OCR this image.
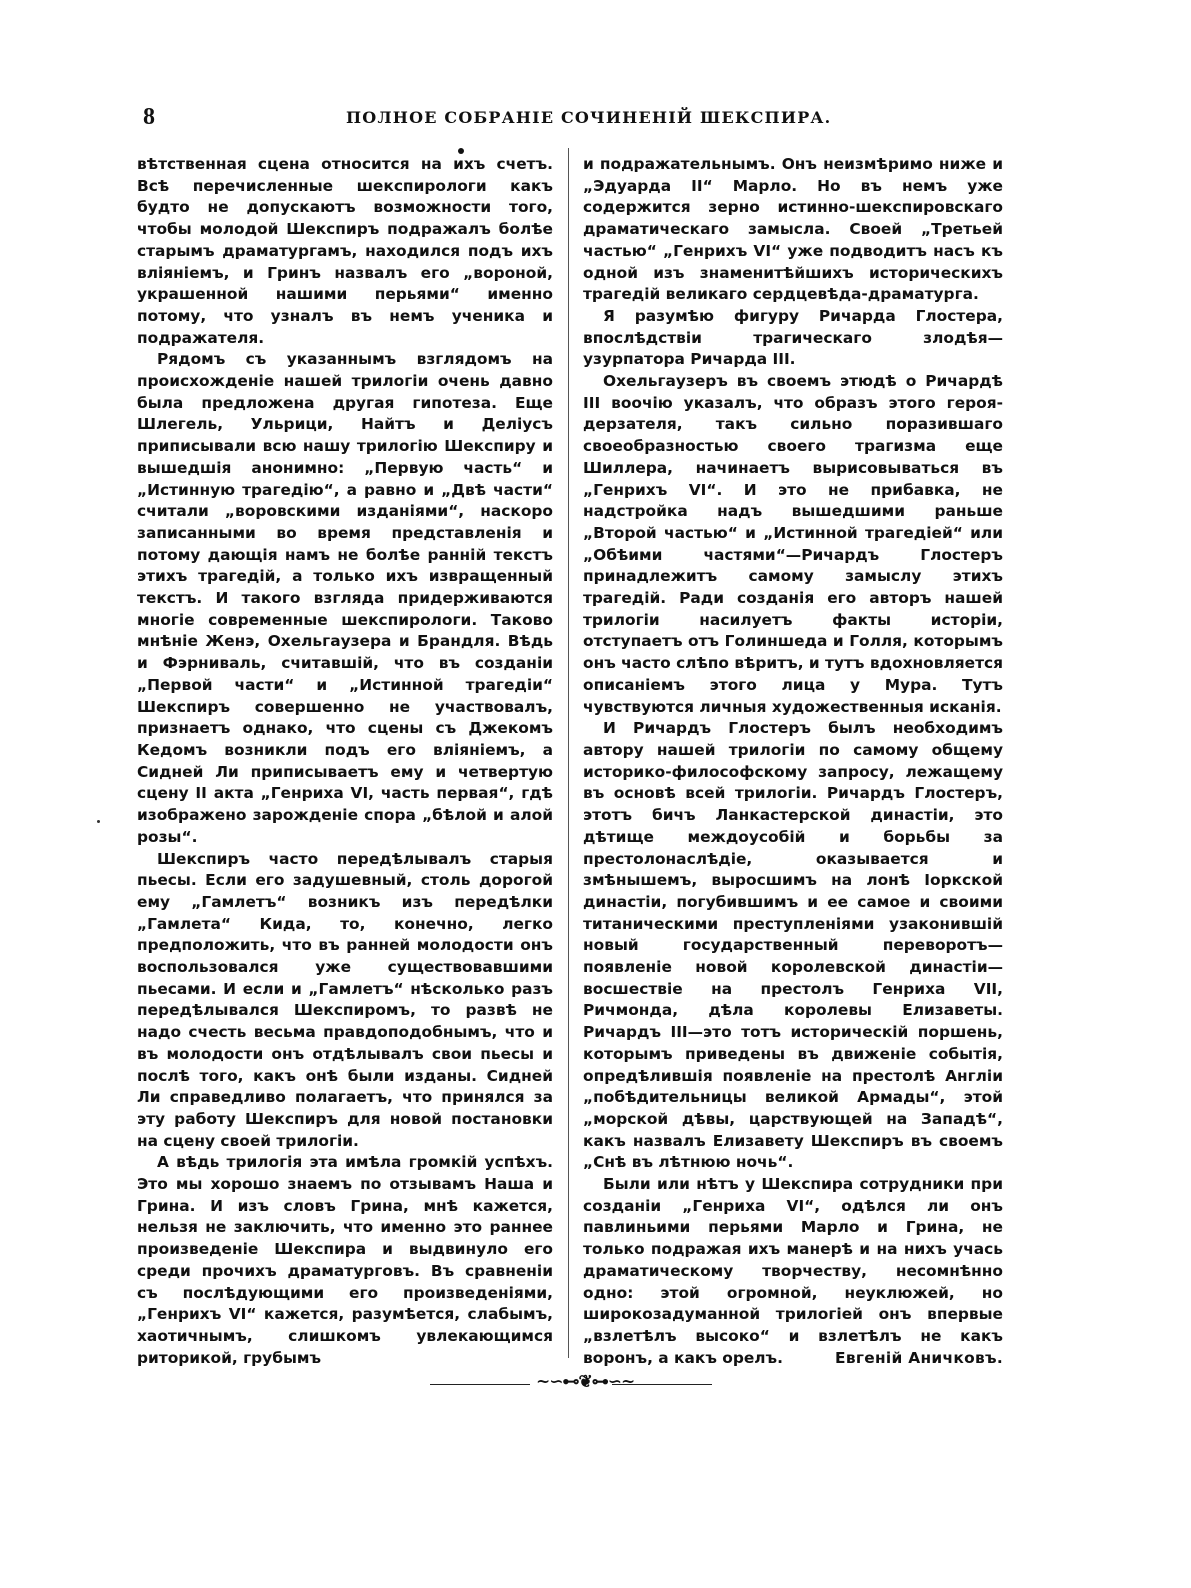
8	ПОЛНОЕ СОБРАНІЕ СОЧИНЕНІЙ ШЕКСПИРА.

вѣтственная сцена относится на ихъ счетъ. Всѣ перечисленные шекспирологи какъ будто не допускаютъ возможности того, чтобы молодой Шекспиръ подражалъ болѣе старымъ драматургамъ, находился подъ ихъ вліяніемъ, и Гринъ назвалъ его „вороной, украшенной нашими перьями“ именно потому, что узналъ въ немъ ученика и подражателя.

Рядомъ съ указаннымъ взглядомъ на происхожденіе нашей трилогіи очень давно была предложена другая гипотеза. Еще Шлегель, Ульрици, Найтъ и Деліусъ приписывали всю нашу трилогію Шекспиру и вышедшія анонимно: „Первую часть“ и „Истинную трагедію“, а равно и „Двѣ части“ считали „воровскими изданіями“, наскоро записанными во время представленія и потому дающія намъ не болѣе ранній текстъ этихъ трагедій, а только ихъ извращенный текстъ. И такого взгляда придерживаются многіе современные шекспирологи. Таково мнѣніе Женэ, Охельгаузера и Брандля. Вѣдь и Фэрниваль, считавшій, что въ созданіи „Первой части“ и „Истинной трагедіи“ Шекспиръ совершенно не участвовалъ, признаетъ однако, что сцены съ Джекомъ Кедомъ возникли подъ его вліяніемъ, а Сидней Ли приписываетъ ему и четвертую сцену II акта „Генриха VI, часть первая“, гдѣ изображено зарожденіе спора „бѣлой и алой розы“.

Шекспиръ часто передѣлывалъ старыя пьесы. Если его задушевный, столь дорогой ему „Гамлетъ“ возникъ изъ передѣлки „Гамлета“ Кида, то, конечно, легко предположить, что въ ранней молодости онъ воспользовался уже существовавшими пьесами. И если и „Гамлетъ“ нѣсколько разъ передѣлывался Шекспиромъ, то развѣ не надо счесть весьма правдоподобнымъ, что и въ молодости онъ отдѣлывалъ свои пьесы и послѣ того, какъ онѣ были изданы. Сидней Ли справедливо полагаетъ, что принялся за эту работу Шекспиръ для новой постановки на сцену своей трилогіи.

А вѣдь трилогія эта имѣла громкій успѣхъ. Это мы хорошо знаемъ по отзывамъ Наша и Грина. И изъ словъ Грина, мнѣ кажется, нельзя не заключить, что именно это раннее произведеніе Шекспира и выдвинуло его среди прочихъ драматурговъ. Въ сравненіи съ послѣдующими его произведеніями, „Генрихъ VI“ кажется, разумѣется, слабымъ, хаотичнымъ, слишкомъ увлекающимся риторикой, грубымъ

и подражательнымъ. Онъ неизмѣримо ниже и „Эдуарда II“ Марло. Но въ немъ уже содержится зерно истинно-шекспировскаго драматическаго замысла. Своей „Третьей частью“ „Генрихъ VI“ уже подводитъ насъ къ одной изъ знаменитѣйшихъ историческихъ трагедій великаго сердцевѣда-драматурга.

Я разумѣю фигуру Ричарда Глостера, впослѣдствіи трагическаго злодѣя—узурпатора Ричарда III.

Охельгаузеръ въ своемъ этюдѣ о Ричардѣ III воочію указалъ, что образъ этого героя-дерзателя, такъ сильно поразившаго своеобразностью своего трагизма еще Шиллера, начинаетъ вырисовываться въ „Генрихъ VI“. И это не прибавка, не надстройка надъ вышедшими раньше „Второй частью“ и „Истинной трагедіей“ или „Обѣими частями“—Ричардъ Глостеръ принадлежитъ самому замыслу этихъ трагедій. Ради созданія его авторъ нашей трилогіи насилуетъ факты исторіи, отступаетъ отъ Голиншеда и Голля, которымъ онъ часто слѣпо вѣритъ, и тутъ вдохновляется описаніемъ этого лица у Мура. Тутъ чувствуются личныя художественныя исканія.

И Ричардъ Глостеръ былъ необходимъ автору нашей трилогіи по самому общему историко-философскому запросу, лежащему въ основѣ всей трилогіи. Ричардъ Глостеръ, этотъ бичъ Ланкастерской династіи, это дѣтище междоусобій и борьбы за престолонаслѣдіе, оказывается и змѣнышемъ, выросшимъ на лонѣ Іоркской династіи, погубившимъ и ее самое и своими титаническими преступленіями узаконившій новый государственный переворотъ—появленіе новой королевской династіи—восшествіе на престолъ Генриха VII, Ричмонда, дѣла королевы Елизаветы. Ричардъ III—это тотъ историческій поршень, которымъ приведены въ движеніе событія, опредѣлившія появленіе на престолѣ Англіи „побѣдительницы великой Армады“, этой „морской дѣвы, царствующей на Западѣ“, какъ назвалъ Елизавету Шекспиръ въ своемъ „Снѣ въ лѣтнюю ночь“.

Были или нѣтъ у Шекспира сотрудники при созданіи „Генриха VI“, одѣлся ли онъ павлиньими перьями Марло и Грина, не только подражая ихъ манерѣ и на нихъ учась драматическому творчеству, несомнѣнно одно: этой огромной, неуклюжей, но широкозадуманной трилогіей онъ впервые „взлетѣлъ высоко“ и взлетѣлъ не какъ воронъ, а какъ орелъ.	Евгеній Аничковъ.

~∽⊷❦⊶∽~
